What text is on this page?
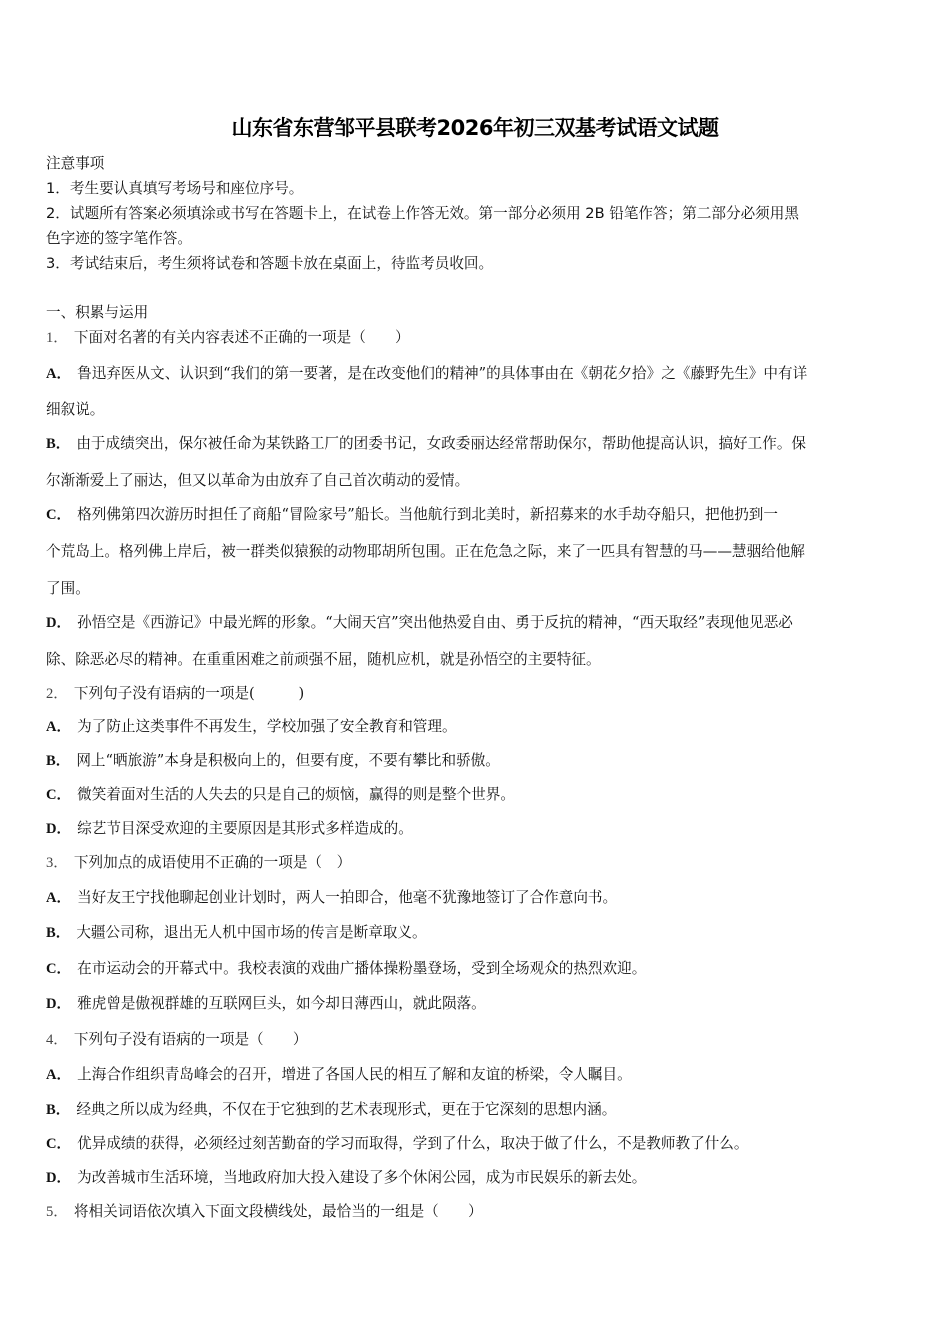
山东省东营邹平县联考2026年初三双基考试语文试题
注意事项
1．考生要认真填写考场号和座位序号。
2．试题所有答案必须填涂或书写在答题卡上，在试卷上作答无效。第一部分必须用 2B 铅笔作答；第二部分必须用黑
色字迹的签字笔作答。
3．考试结束后，考生须将试卷和答题卡放在桌面上，待监考员收回。
一、积累与运用
1． 下面对名著的有关内容表述不正确的一项是（　　）
A． 鲁迅弃医从文、认识到“我们的第一要著，是在改变他们的精神”的具体事由在《朝花夕拾》之《藤野先生》中有详
细叙说。
B． 由于成绩突出，保尔被任命为某铁路工厂的团委书记，女政委丽达经常帮助保尔，帮助他提高认识，搞好工作。保
尔渐渐爱上了丽达，但又以革命为由放弃了自己首次萌动的爱情。
C． 格列佛第四次游历时担任了商船“冒险家号”船长。当他航行到北美时，新招募来的水手劫夺船只，把他扔到一
个荒岛上。格列佛上岸后，被一群类似猿猴的动物耶胡所包围。正在危急之际，来了一匹具有智慧的马——慧骃给他解
了围。
D． 孙悟空是《西游记》中最光辉的形象。“大闹天宫”突出他热爱自由、勇于反抗的精神，“西天取经”表现他见恶必
除、除恶必尽的精神。在重重困难之前顽强不屈，随机应机，就是孙悟空的主要特征。
2． 下列句子没有语病的一项是(　　　)
A． 为了防止这类事件不再发生，学校加强了安全教育和管理。
B． 网上“晒旅游”本身是积极向上的，但要有度，不要有攀比和骄傲。
C． 微笑着面对生活的人失去的只是自己的烦恼，赢得的则是整个世界。
D． 综艺节目深受欢迎的主要原因是其形式多样造成的。
3． 下列加点的成语使用不正确的一项是（　）
A． 当好友王宁找他聊起创业计划时，两人一拍即合，他毫不犹豫地签订了合作意向书。
B． 大疆公司称，退出无人机中国市场的传言是断章取义。
C． 在市运动会的开幕式中。我校表演的戏曲广播体操粉墨登场，受到全场观众的热烈欢迎。
D． 雅虎曾是傲视群雄的互联网巨头，如今却日薄西山，就此陨落。
4． 下列句子没有语病的一项是（　　）
A． 上海合作组织青岛峰会的召开，增进了各国人民的相互了解和友谊的桥梁，令人瞩目。
B． 经典之所以成为经典，不仅在于它独到的艺术表现形式，更在于它深刻的思想内涵。
C． 优异成绩的获得，必须经过刻苦勤奋的学习而取得，学到了什么，取决于做了什么，不是教师教了什么。
D． 为改善城市生活环境，当地政府加大投入建设了多个休闲公园，成为市民娱乐的新去处。
5． 将相关词语依次填入下面文段横线处，最恰当的一组是（　　）
